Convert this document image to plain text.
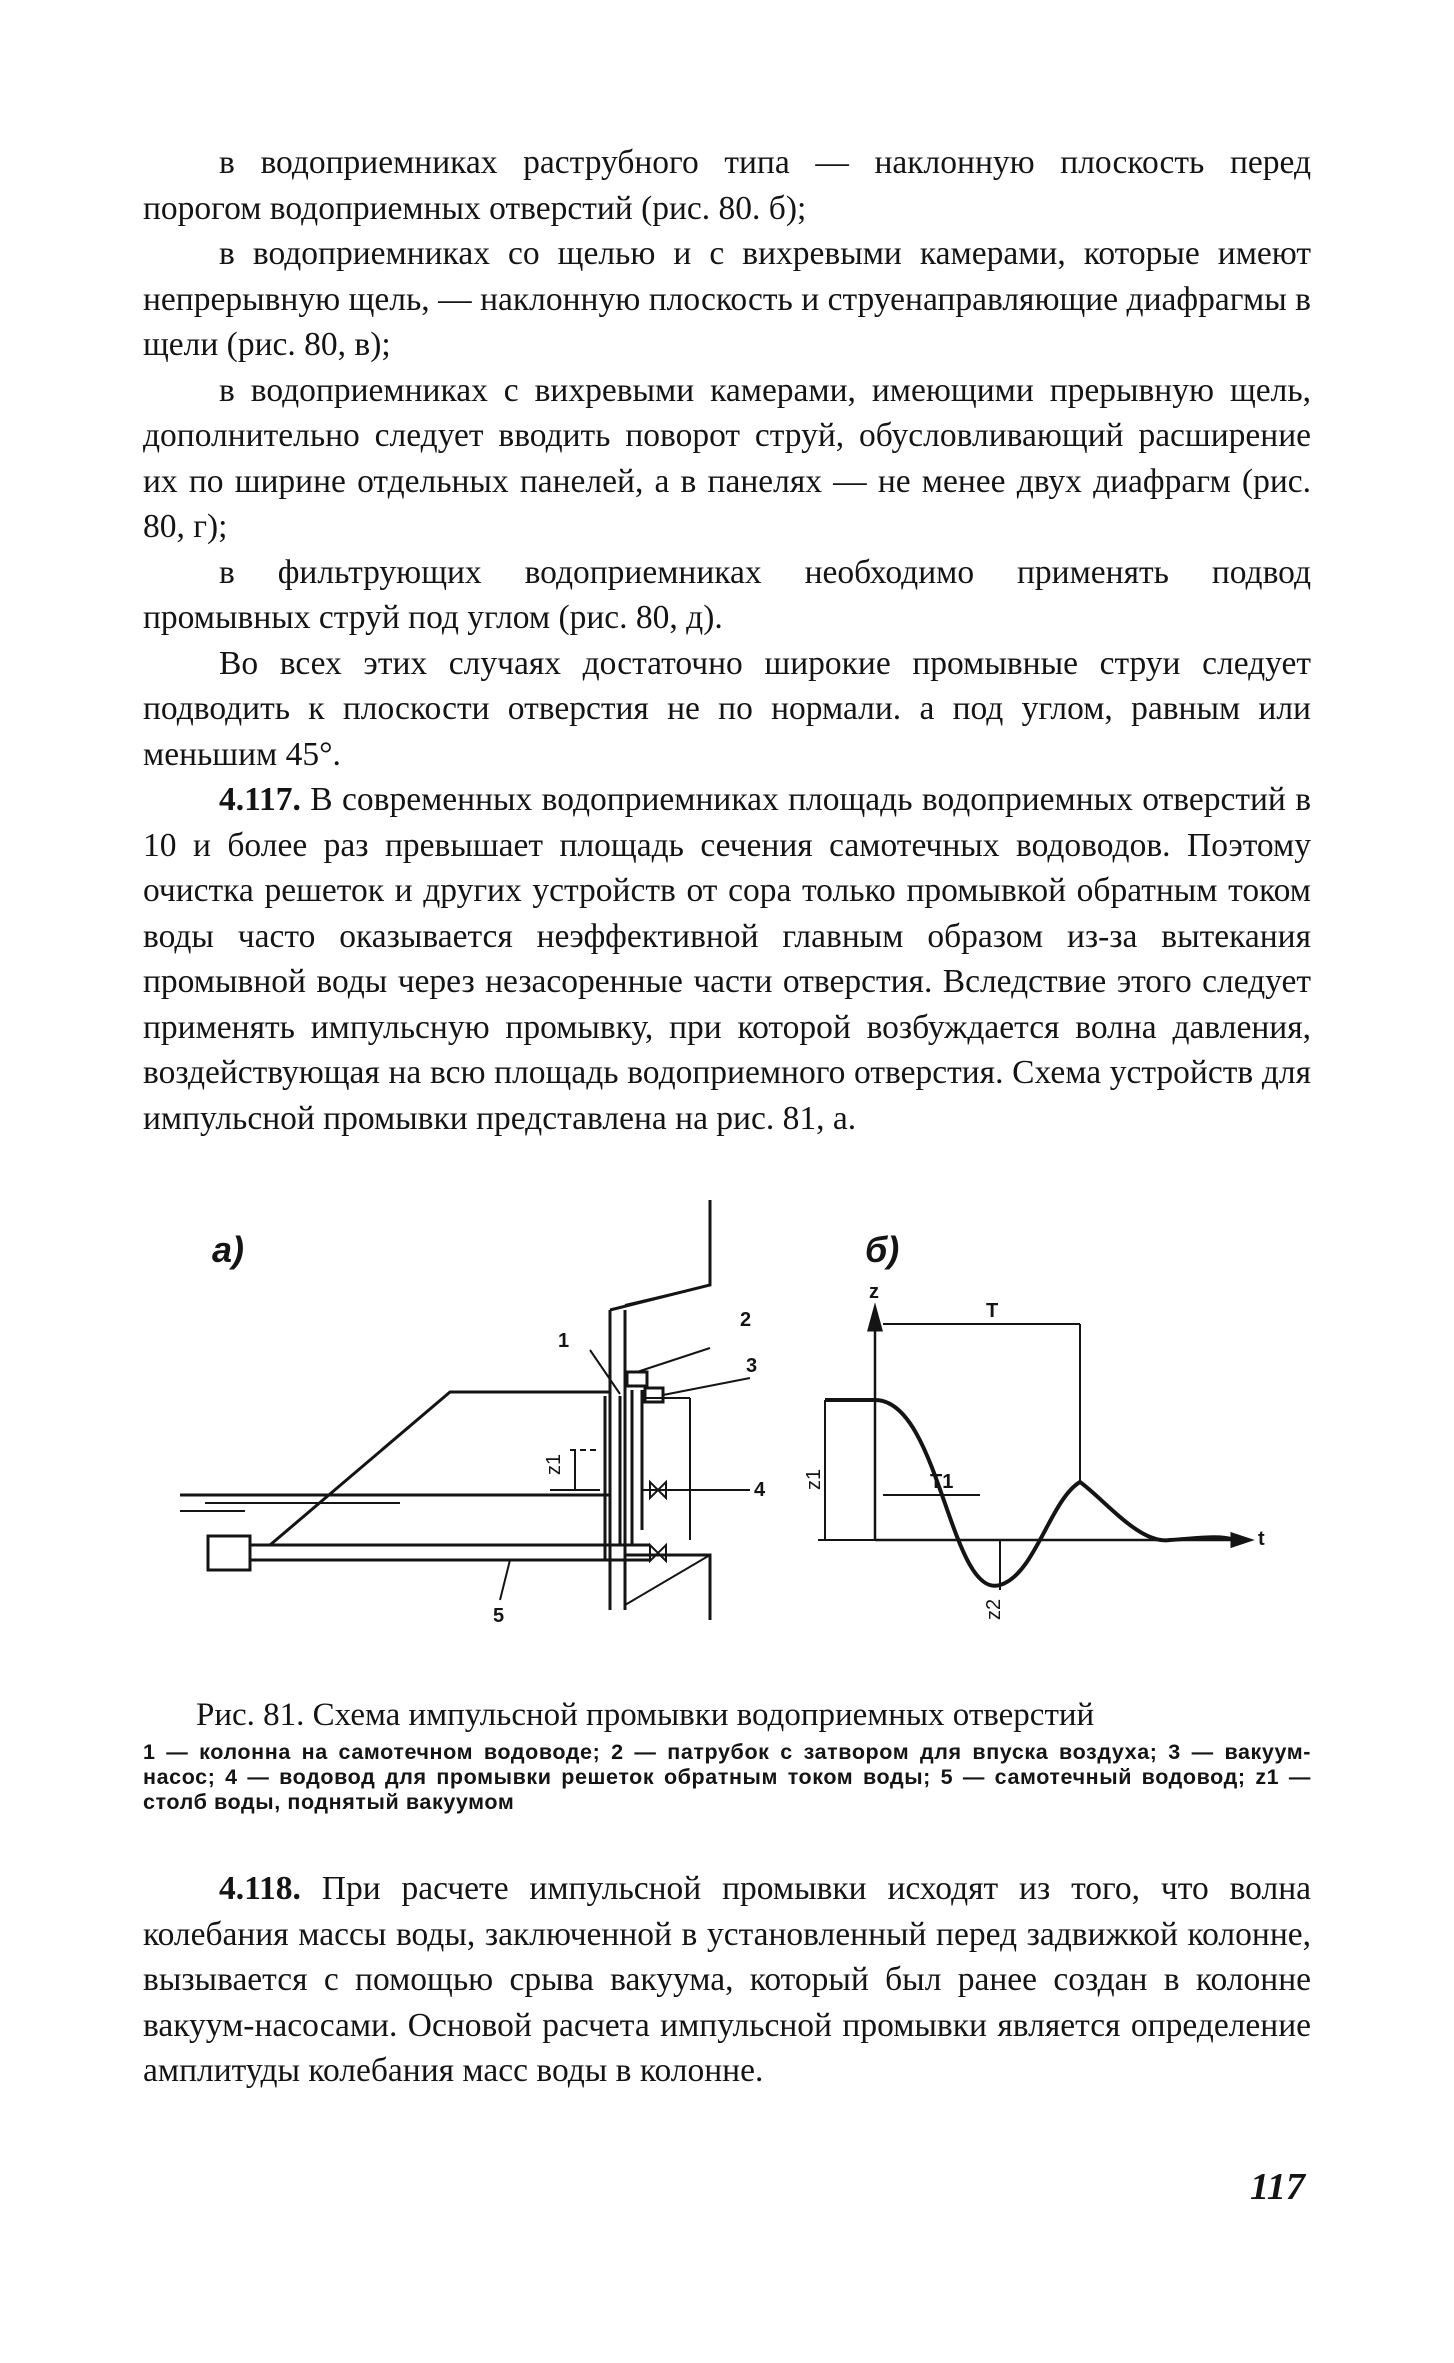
в водоприемниках раструбного типа — наклонную плоскость перед порогом водоприемных отверстий (рис. 80. б);

в водоприемниках со щелью и с вихревыми камерами, которые имеют непрерывную щель, — наклонную плоскость и струенаправляющие диафрагмы в щели (рис. 80, в);

в водоприемниках с вихревыми камерами, имеющими прерывную щель, дополнительно следует вводить поворот струй, обусловливающий расширение их по ширине отдельных панелей, а в панелях — не менее двух диафрагм (рис. 80, г);

в фильтрующих водоприемниках необходимо применять подвод промывных струй под углом (рис. 80, д).

Во всех этих случаях достаточно широкие промывные струи следует подводить к плоскости отверстия не по нормали. а под углом, равным или меньшим 45°.

4.117. В современных водоприемниках площадь водоприемных отверстий в 10 и более раз превышает площадь сечения самотечных водоводов. Поэтому очистка решеток и других устройств от сора только промывкой обратным током воды часто оказывается неэффективной главным образом из-за вытекания промывной воды через незасоренные части отверстия. Вследствие этого следует применять импульсную промывку, при которой возбуждается волна давления, воздействующая на всю площадь водоприемного отверстия. Схема устройств для импульсной промывки представлена на рис. 81, а.

a)
z1
1
2
3
4
5
б)
z
t
z1
z2
T
T1
Рис. 81. Схема импульсной промывки водоприемных отверстий
1 — колонна на самотечном водоводе; 2 — патрубок с затвором для впуска воздуха; 3 — вакуум-насос; 4 — водовод для промывки решеток обратным током воды; 5 — самотечный водовод; z1 — столб воды, поднятый вакуумом

4.118. При расчете импульсной промывки исходят из того, что волна колебания массы воды, заключенной в установленный перед задвижкой колонне, вызывается с помощью срыва вакуума, который был ранее создан в колонне вакуум-насосами. Основой расчета импульсной промывки является определение амплитуды колебания масс воды в колонне.

117
